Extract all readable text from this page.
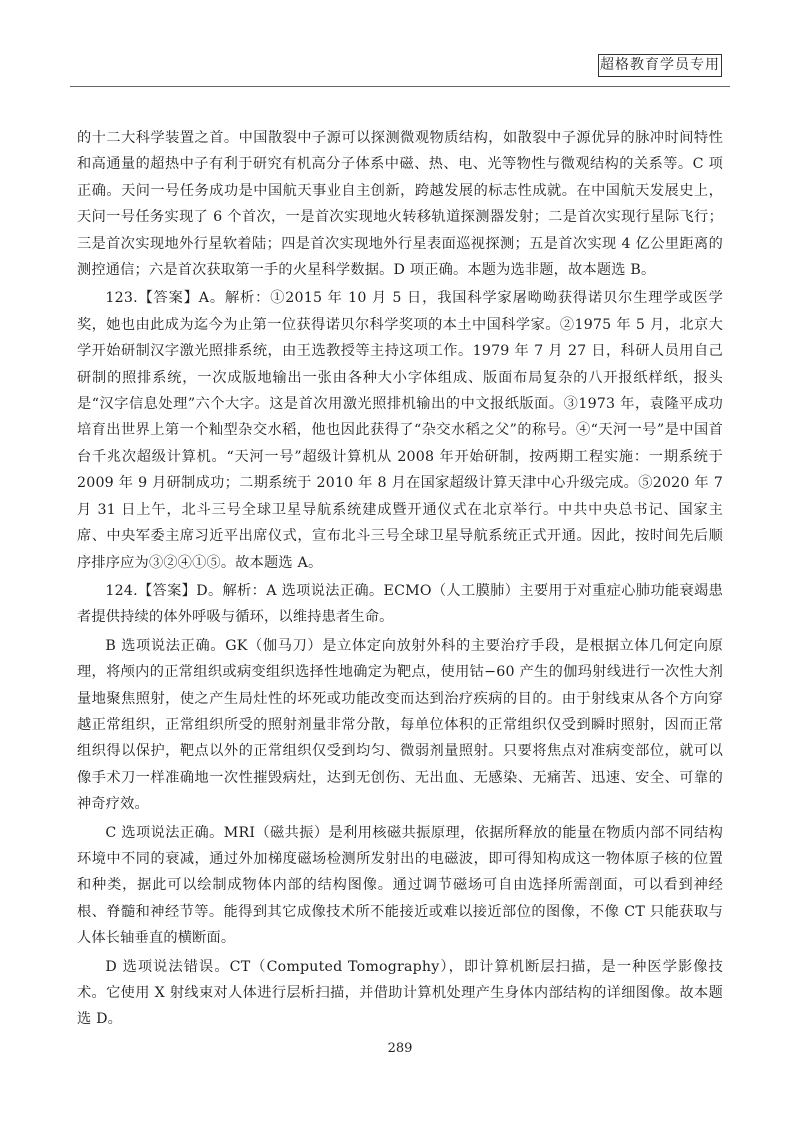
超格教育学员专用

的十二大科学装置之首。中国散裂中子源可以探测微观物质结构，如散裂中子源优异的脉冲时间特性和高通量的超热中子有利于研究有机高分子体系中磁、热、电、光等物性与微观结构的关系等。C 项正确。天问一号任务成功是中国航天事业自主创新，跨越发展的标志性成就。在中国航天发展史上，天问一号任务实现了 6 个首次，一是首次实现地火转移轨道探测器发射；二是首次实现行星际飞行；三是首次实现地外行星软着陆；四是首次实现地外行星表面巡视探测；五是首次实现 4 亿公里距离的测控通信；六是首次获取第一手的火星科学数据。D 项正确。本题为选非题，故本题选 B。

123.【答案】A。解析：①2015 年 10 月 5 日，我国科学家屠呦呦获得诺贝尔生理学或医学奖，她也由此成为迄今为止第一位获得诺贝尔科学奖项的本土中国科学家。②1975 年 5 月，北京大学开始研制汉字激光照排系统，由王选教授等主持这项工作。1979 年 7 月 27 日，科研人员用自己研制的照排系统，一次成版地输出一张由各种大小字体组成、版面布局复杂的八开报纸样纸，报头是“汉字信息处理”六个大字。这是首次用激光照排机输出的中文报纸版面。③1973 年，袁隆平成功培育出世界上第一个籼型杂交水稻，他也因此获得了“杂交水稻之父”的称号。④“天河一号”是中国首台千兆次超级计算机。“天河一号”超级计算机从 2008 年开始研制，按两期工程实施：一期系统于 2009 年 9 月研制成功；二期系统于 2010 年 8 月在国家超级计算天津中心升级完成。⑤2020 年 7 月 31 日上午，北斗三号全球卫星导航系统建成暨开通仪式在北京举行。中共中央总书记、国家主席、中央军委主席习近平出席仪式，宣布北斗三号全球卫星导航系统正式开通。因此，按时间先后顺序排序应为③②④①⑤。故本题选 A。

124.【答案】D。解析：A 选项说法正确。ECMO（人工膜肺）主要用于对重症心肺功能衰竭患者提供持续的体外呼吸与循环，以维持患者生命。

B 选项说法正确。GK（伽马刀）是立体定向放射外科的主要治疗手段，是根据立体几何定向原理，将颅内的正常组织或病变组织选择性地确定为靶点，使用钴−60 产生的伽玛射线进行一次性大剂量地聚焦照射，使之产生局灶性的坏死或功能改变而达到治疗疾病的目的。由于射线束从各个方向穿越正常组织，正常组织所受的照射剂量非常分散，每单位体积的正常组织仅受到瞬时照射，因而正常组织得以保护，靶点以外的正常组织仅受到均匀、微弱剂量照射。只要将焦点对准病变部位，就可以像手术刀一样准确地一次性摧毁病灶，达到无创伤、无出血、无感染、无痛苦、迅速、安全、可靠的神奇疗效。

C 选项说法正确。MRI（磁共振）是利用核磁共振原理，依据所释放的能量在物质内部不同结构环境中不同的衰减，通过外加梯度磁场检测所发射出的电磁波，即可得知构成这一物体原子核的位置和种类，据此可以绘制成物体内部的结构图像。通过调节磁场可自由选择所需剖面，可以看到神经根、脊髓和神经节等。能得到其它成像技术所不能接近或难以接近部位的图像，不像 CT 只能获取与人体长轴垂直的横断面。

D 选项说法错误。CT（Computed Tomography），即计算机断层扫描，是一种医学影像技术。它使用 X 射线束对人体进行层析扫描，并借助计算机处理产生身体内部结构的详细图像。故本题选 D。

289
